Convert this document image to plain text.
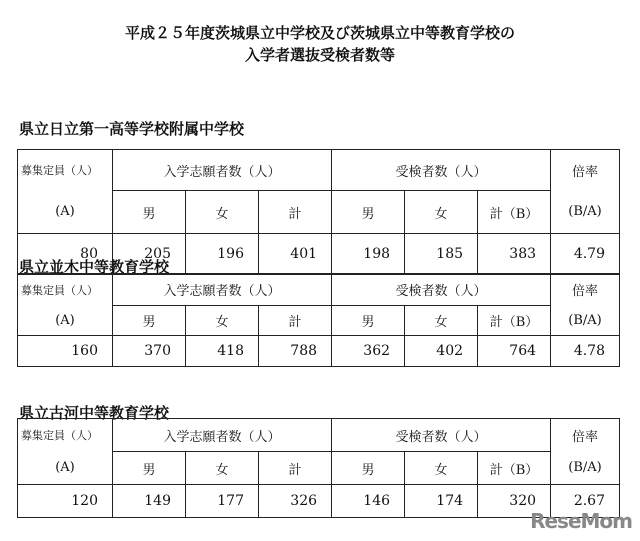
平成２５年度茨城県立中学校及び茨城県立中等教育学校の
入学者選抜受検者数等
県立日立第一高等学校附属中学校
募集定員（人）	入学志願者数（人）			受検者数（人）			倍率
(A)	男	女	計	男	女	計（B）	(B/A)
80	205	196	401	198	185	383	4.79
県立並木中等教育学校
募集定員（人）	入学志願者数（人）			受検者数（人）			倍率
(A)	男	女	計	男	女	計（B）	(B/A)
160	370	418	788	362	402	764	4.78
県立古河中等教育学校
募集定員（人）	入学志願者数（人）			受検者数（人）			倍率
(A)	男	女	計	男	女	計（B）	(B/A)
120	149	177	326	146	174	320	2.67
ReseMom
